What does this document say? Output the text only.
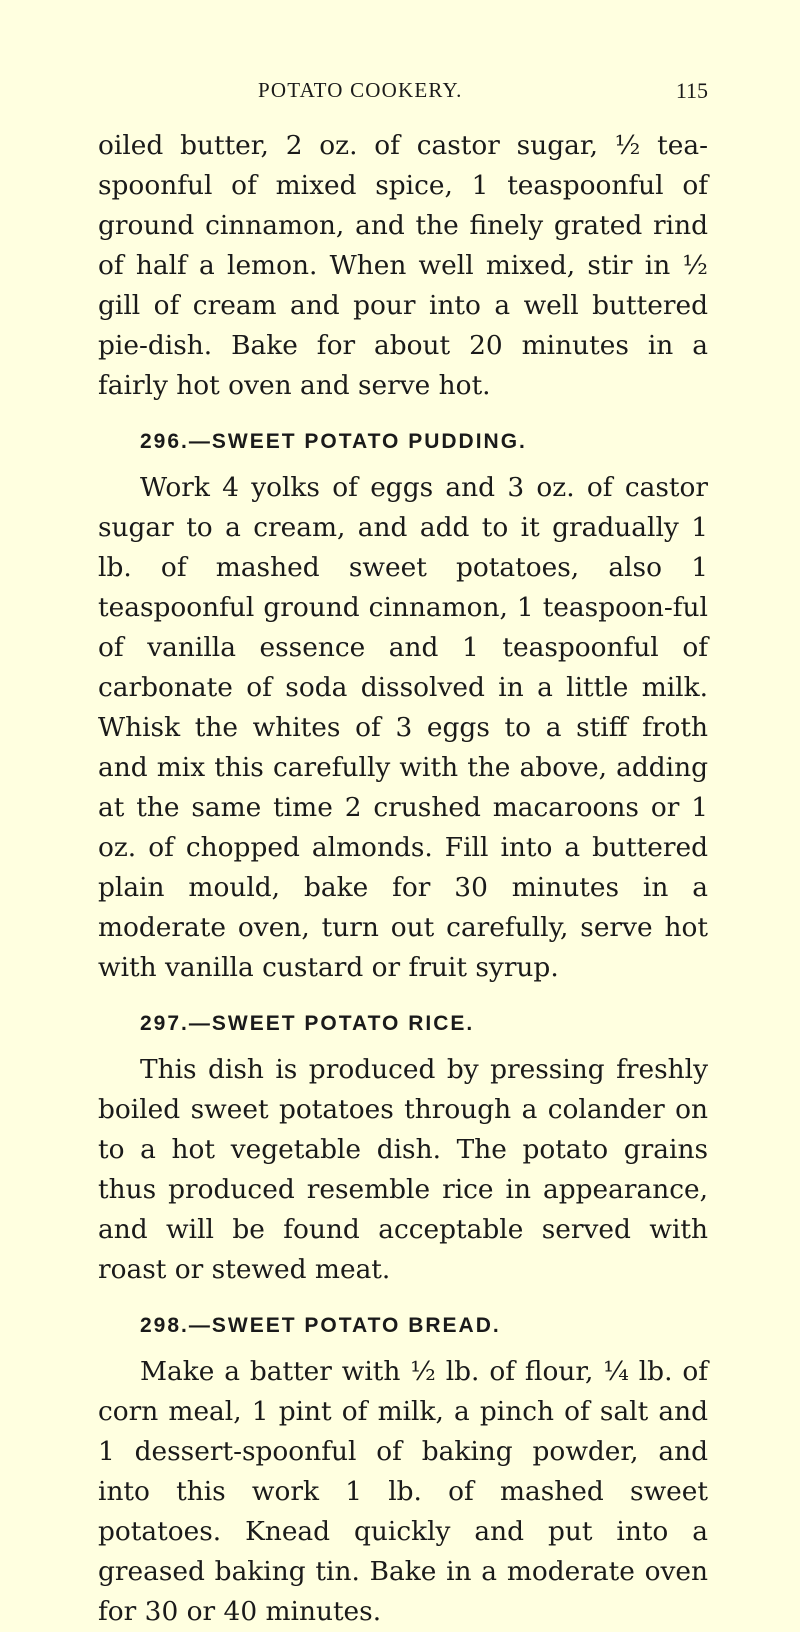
POTATO COOKERY.	115

oiled butter, 2 oz. of castor sugar, ½ tea-spoonful of mixed spice, 1 teaspoonful of ground cinnamon, and the finely grated rind of half a lemon. When well mixed, stir in ½ gill of cream and pour into a well buttered pie-dish. Bake for about 20 minutes in a fairly hot oven and serve hot.

296.—SWEET POTATO PUDDING.

Work 4 yolks of eggs and 3 oz. of castor sugar to a cream, and add to it gradually 1 lb. of mashed sweet potatoes, also 1 teaspoonful ground cinnamon, 1 teaspoon-ful of vanilla essence and 1 teaspoonful of carbonate of soda dissolved in a little milk. Whisk the whites of 3 eggs to a stiff froth and mix this carefully with the above, adding at the same time 2 crushed macaroons or 1 oz. of chopped almonds. Fill into a buttered plain mould, bake for 30 minutes in a moderate oven, turn out carefully, serve hot with vanilla custard or fruit syrup.

297.—SWEET POTATO RICE.

This dish is produced by pressing freshly boiled sweet potatoes through a colander on to a hot vegetable dish. The potato grains thus produced resemble rice in appearance, and will be found acceptable served with roast or stewed meat.

298.—SWEET POTATO BREAD.

Make a batter with ½ lb. of flour, ¼ lb. of corn meal, 1 pint of milk, a pinch of salt and 1 dessert-spoonful of baking powder, and into this work 1 lb. of mashed sweet potatoes. Knead quickly and put into a greased baking tin. Bake in a moderate oven for 30 or 40 minutes.
